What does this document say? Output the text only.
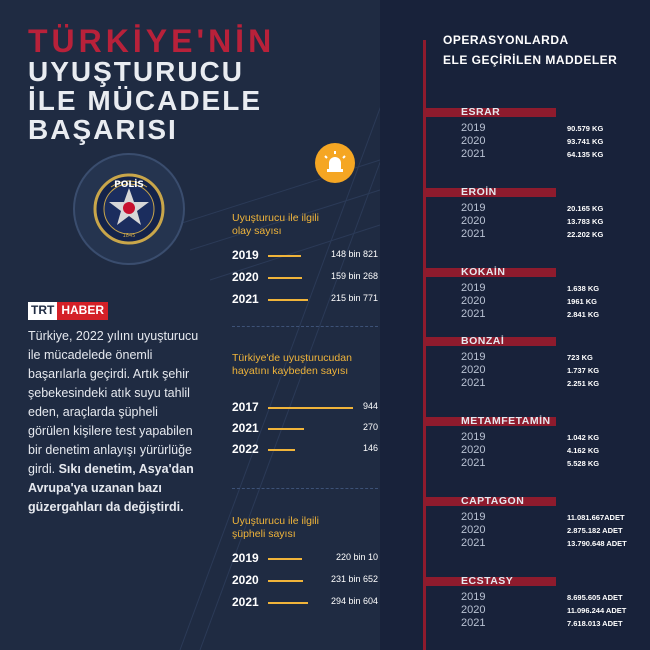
TÜRKİYE'NİN
UYUŞTURUCU
İLE MÜCADELE
BAŞARISI
POLİS
1845
TRT HABER
Türkiye, 2022 yılını uyuşturucu ile mücadelede önemli başarılarla geçirdi. Artık şehir şebekesindeki atık suyu tahlil eden, araçlarda şüpheli görülen kişilere test yapabilen bir denetim anlayışı yürürlüğe girdi. Sıkı denetim, Asya'dan Avrupa'ya uzanan bazı güzergahları da değiştirdi.
Uyuşturucu ile ilgili
olay sayısı
2019	148 bin 821
2020	159 bin 268
2021	215 bin 771
Türkiye'de uyuşturucudan
hayatını kaybeden sayısı
2017	944
2021	270
2022	146
Uyuşturucu ile ilgili
şüpheli sayısı
2019	220 bin 10
2020	231 bin 652
2021	294 bin 604
OPERASYONLARDA
ELE GEÇİRİLEN MADDELER
ESRAR
2019	90.579 KG
2020	93.741 KG
2021	64.135 KG
EROİN
2019	20.165 KG
2020	13.783 KG
2021	22.202 KG
KOKAİN
2019	1.638 KG
2020	1961 KG
2021	2.841 KG
BONZAİ
2019	723 KG
2020	1.737 KG
2021	2.251 KG
METAMFETAMİN
2019	1.042 KG
2020	4.162 KG
2021	5.528 KG
CAPTAGON
2019	11.081.667ADET
2020	2.875.182 ADET
2021	13.790.648 ADET
ECSTASY
2019	8.695.605 ADET
2020	11.096.244 ADET
2021	7.618.013 ADET
